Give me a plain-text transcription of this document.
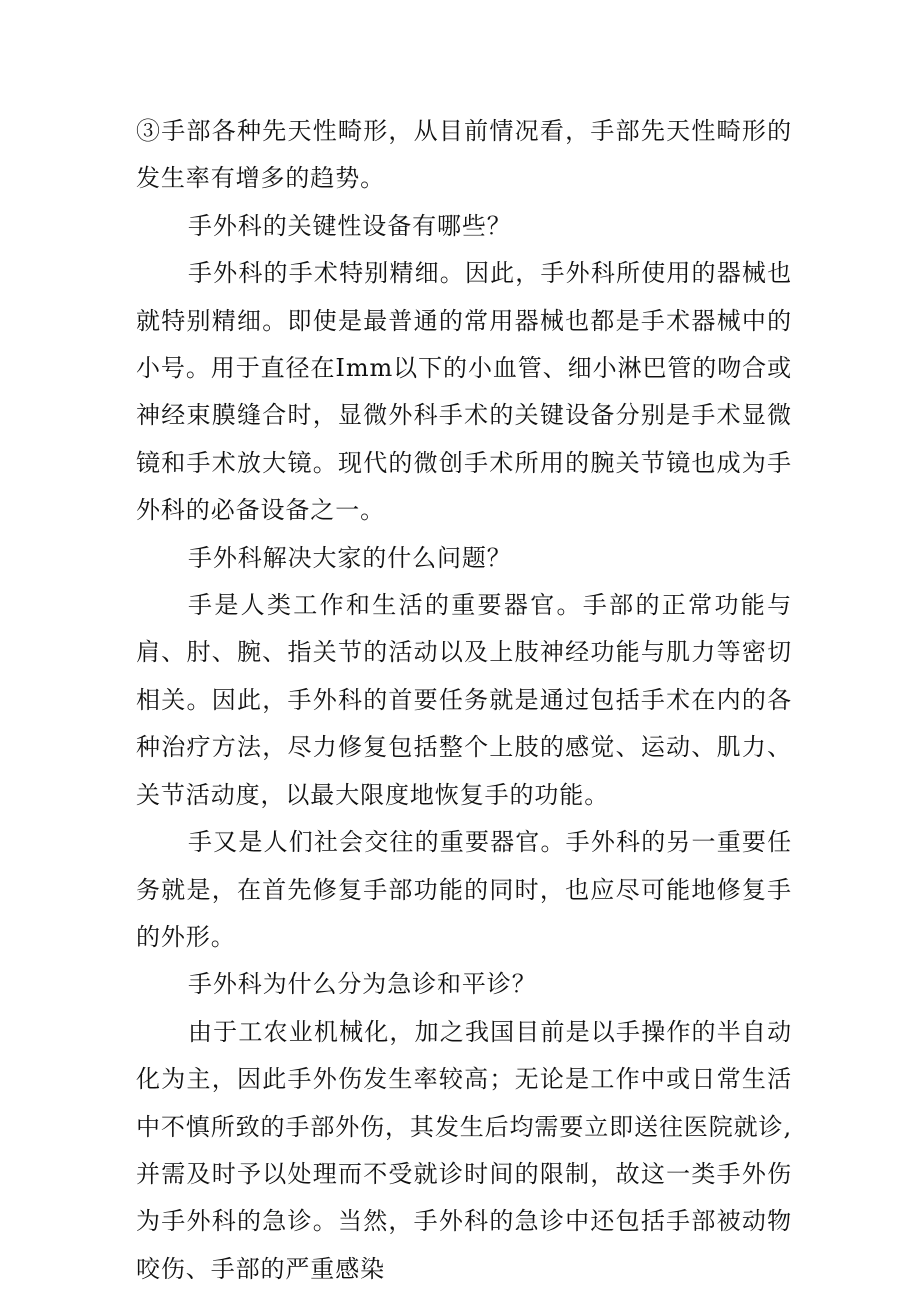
③手部各种先天性畸形，从目前情况看，手部先天性畸形的发生率有增多的趋势。

手外科的关键性设备有哪些？

手外科的手术特别精细。因此，手外科所使用的器械也就特别精细。即使是最普通的常用器械也都是手术器械中的小号。用于直径在Imm以下的小血管、细小淋巴管的吻合或神经束膜缝合时，显微外科手术的关键设备分别是手术显微镜和手术放大镜。现代的微创手术所用的腕关节镜也成为手外科的必备设备之一。

手外科解决大家的什么问题？

手是人类工作和生活的重要器官。手部的正常功能与肩、肘、腕、指关节的活动以及上肢神经功能与肌力等密切相关。因此，手外科的首要任务就是通过包括手术在内的各种治疗方法，尽力修复包括整个上肢的感觉、运动、肌力、关节活动度，以最大限度地恢复手的功能。

手又是人们社会交往的重要器官。手外科的另一重要任务就是，在首先修复手部功能的同时，也应尽可能地修复手的外形。

手外科为什么分为急诊和平诊？

由于工农业机械化，加之我国目前是以手操作的半自动化为主，因此手外伤发生率较高；无论是工作中或日常生活中不慎所致的手部外伤，其发生后均需要立即送往医院就诊,并需及时予以处理而不受就诊时间的限制，故这一类手外伤为手外科的急诊。当然，手外科的急诊中还包括手部被动物咬伤、手部的严重感染
